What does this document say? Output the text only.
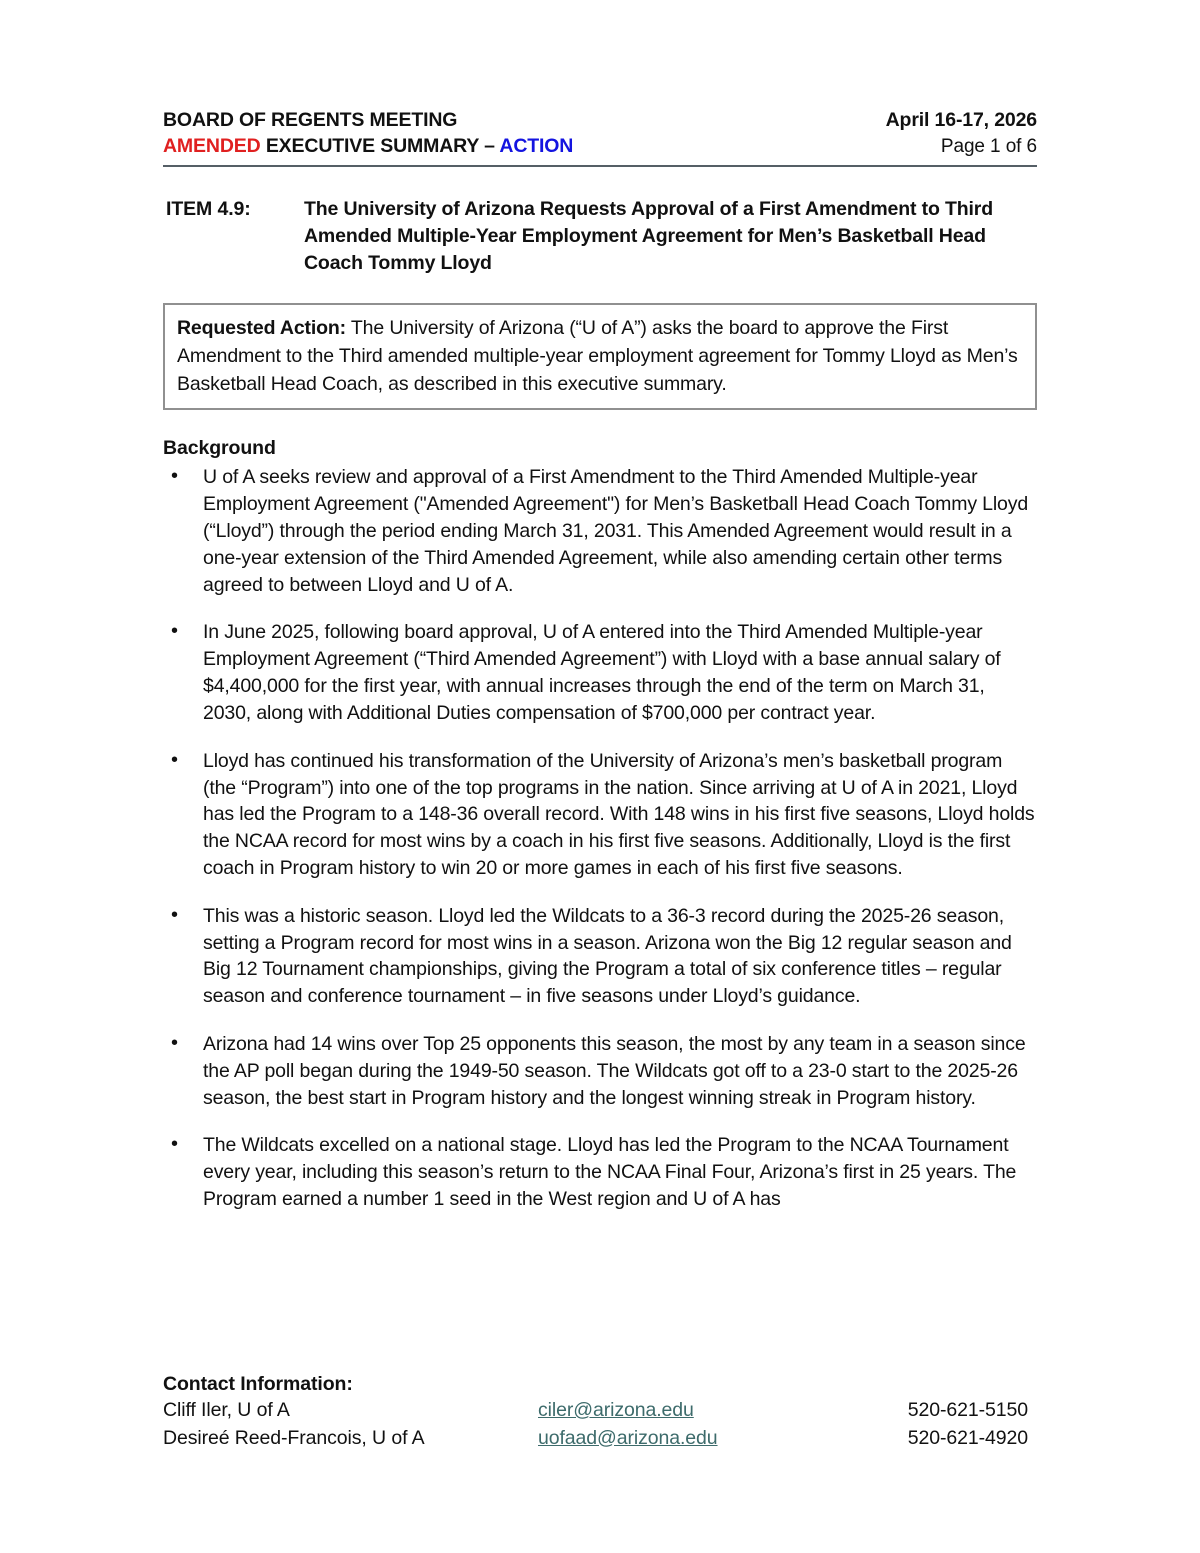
BOARD OF REGENTS MEETING	April 16-17, 2026
AMENDED EXECUTIVE SUMMARY – ACTION	Page 1 of 6
ITEM 4.9:	The University of Arizona Requests Approval of a First Amendment to Third Amended Multiple-Year Employment Agreement for Men’s Basketball Head Coach Tommy Lloyd
Requested Action: The University of Arizona (“U of A”) asks the board to approve the First Amendment to the Third amended multiple-year employment agreement for Tommy Lloyd as Men’s Basketball Head Coach, as described in this executive summary.
Background
• U of A seeks review and approval of a First Amendment to the Third Amended Multiple-year Employment Agreement ("Amended Agreement") for Men’s Basketball Head Coach Tommy Lloyd (“Lloyd”) through the period ending March 31, 2031. This Amended Agreement would result in a one-year extension of the Third Amended Agreement, while also amending certain other terms agreed to between Lloyd and U of A.
• In June 2025, following board approval, U of A entered into the Third Amended Multiple-year Employment Agreement (“Third Amended Agreement”) with Lloyd with a base annual salary of $4,400,000 for the first year, with annual increases through the end of the term on March 31, 2030, along with Additional Duties compensation of $700,000 per contract year.
• Lloyd has continued his transformation of the University of Arizona’s men’s basketball program (the “Program”) into one of the top programs in the nation. Since arriving at U of A in 2021, Lloyd has led the Program to a 148-36 overall record. With 148 wins in his first five seasons, Lloyd holds the NCAA record for most wins by a coach in his first five seasons. Additionally, Lloyd is the first coach in Program history to win 20 or more games in each of his first five seasons.
• This was a historic season. Lloyd led the Wildcats to a 36-3 record during the 2025-26 season, setting a Program record for most wins in a season. Arizona won the Big 12 regular season and Big 12 Tournament championships, giving the Program a total of six conference titles – regular season and conference tournament – in five seasons under Lloyd’s guidance.
• Arizona had 14 wins over Top 25 opponents this season, the most by any team in a season since the AP poll began during the 1949-50 season. The Wildcats got off to a 23-0 start to the 2025-26 season, the best start in Program history and the longest winning streak in Program history.
• The Wildcats excelled on a national stage. Lloyd has led the Program to the NCAA Tournament every year, including this season’s return to the NCAA Final Four, Arizona’s first in 25 years. The Program earned a number 1 seed in the West region and U of A has
Contact Information:
Cliff Iler, U of A	ciler@arizona.edu	520-621-5150
Desireé Reed-Francois, U of A	uofaad@arizona.edu	520-621-4920
